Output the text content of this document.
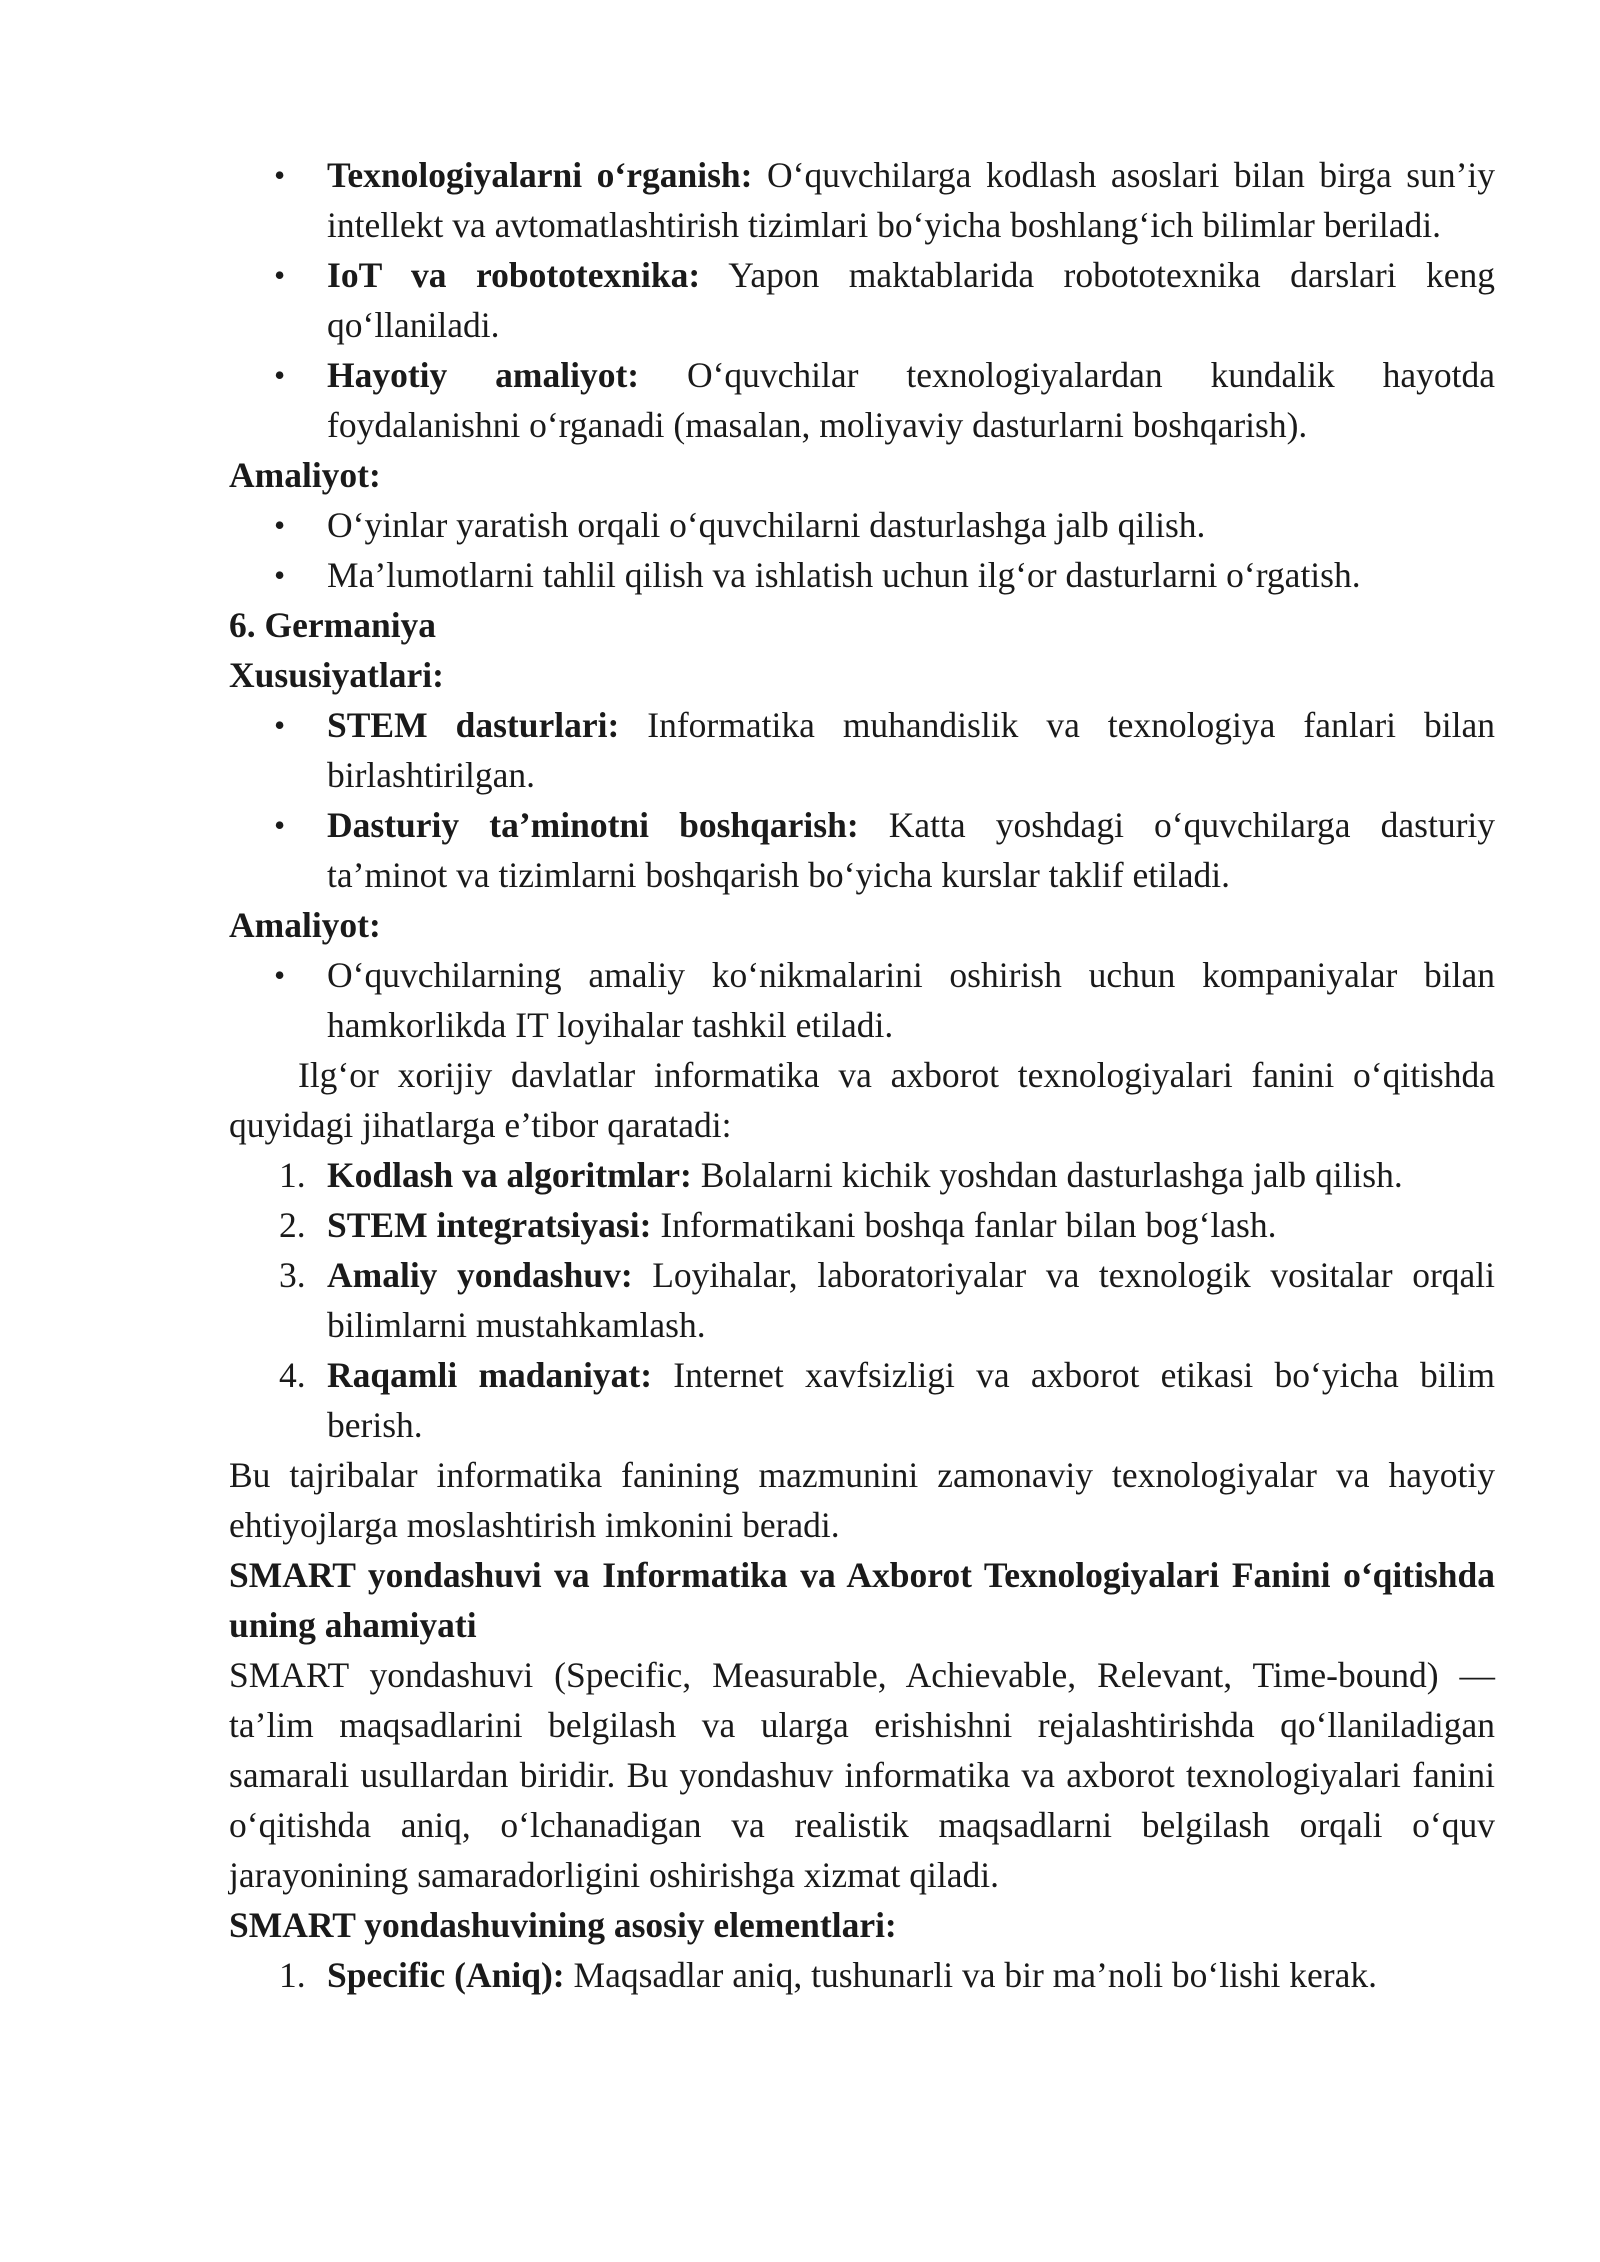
• Texnologiyalarni o‘rganish: O‘quvchilarga kodlash asoslari bilan birga sun’iy intellekt va avtomatlashtirish tizimlari bo‘yicha boshlang‘ich bilimlar beriladi.
• IoT va robototexnika: Yapon maktablarida robototexnika darslari keng qo‘llaniladi.
• Hayotiy amaliyot: O‘quvchilar texnologiyalardan kundalik hayotda foydalanishni o‘rganadi (masalan, moliyaviy dasturlarni boshqarish).

Amaliyot:

• O‘yinlar yaratish orqali o‘quvchilarni dasturlashga jalb qilish.
• Ma’lumotlarni tahlil qilish va ishlatish uchun ilg‘or dasturlarni o‘rgatish.

6. Germaniya

Xususiyatlari:

• STEM dasturlari: Informatika muhandislik va texnologiya fanlari bilan birlashtirilgan.
• Dasturiy ta’minotni boshqarish: Katta yoshdagi o‘quvchilarga dasturiy ta’minot va tizimlarni boshqarish bo‘yicha kurslar taklif etiladi.

Amaliyot:

• O‘quvchilarning amaliy ko‘nikmalarini oshirish uchun kompaniyalar bilan hamkorlikda IT loyihalar tashkil etiladi.

Ilg‘or xorijiy davlatlar informatika va axborot texnologiyalari fanini o‘qitishda quyidagi jihatlarga e’tibor qaratadi:

1. Kodlash va algoritmlar: Bolalarni kichik yoshdan dasturlashga jalb qilish.
2. STEM integratsiyasi: Informatikani boshqa fanlar bilan bog‘lash.
3. Amaliy yondashuv: Loyihalar, laboratoriyalar va texnologik vositalar orqali bilimlarni mustahkamlash.
4. Raqamli madaniyat: Internet xavfsizligi va axborot etikasi bo‘yicha bilim berish.

Bu tajribalar informatika fanining mazmunini zamonaviy texnologiyalar va hayotiy ehtiyojlarga moslashtirish imkonini beradi.

SMART yondashuvi va Informatika va Axborot Texnologiyalari Fanini o‘qitishda uning ahamiyati

SMART yondashuvi (Specific, Measurable, Achievable, Relevant, Time-bound) — ta’lim maqsadlarini belgilash va ularga erishishni rejalashtirishda qo‘llaniladigan samarali usullardan biridir. Bu yondashuv informatika va axborot texnologiyalari fanini o‘qitishda aniq, o‘lchanadigan va realistik maqsadlarni belgilash orqali o‘quv jarayonining samaradorligini oshirishga xizmat qiladi.

SMART yondashuvining asosiy elementlari:

1. Specific (Aniq): Maqsadlar aniq, tushunarli va bir ma’noli bo‘lishi kerak.
